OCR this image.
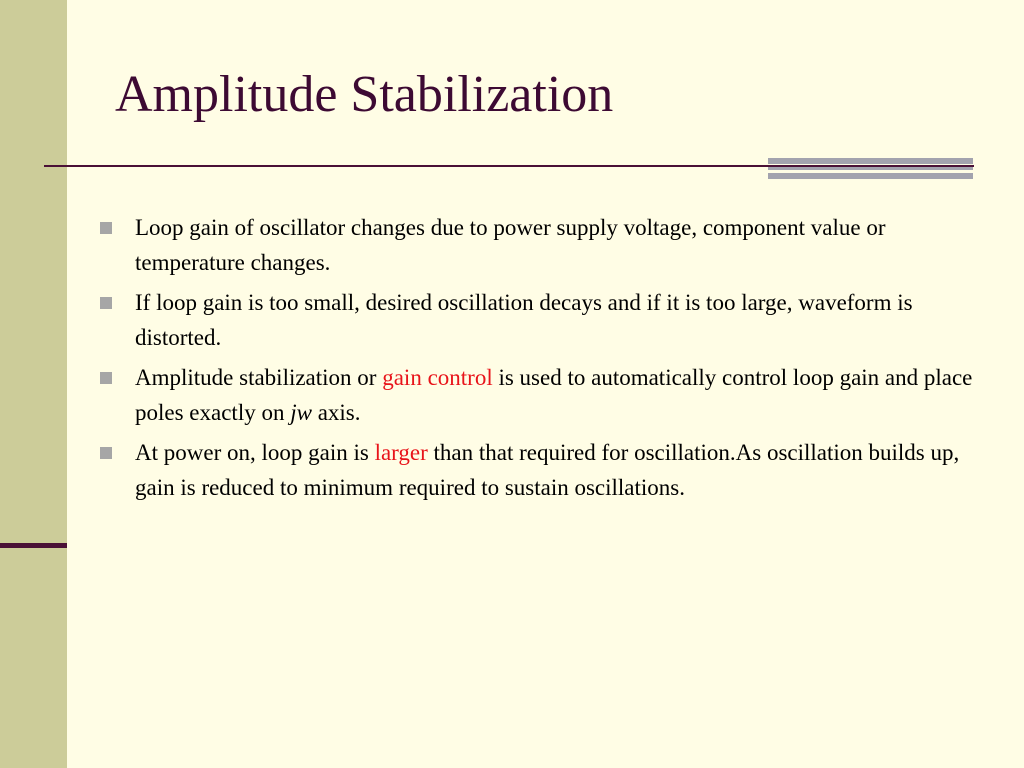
Amplitude Stabilization
Loop gain of oscillator changes due to power supply voltage, component value or temperature changes.
If loop gain is too small, desired oscillation decays and if it is too large, waveform is distorted.
Amplitude stabilization or gain control is used to automatically control loop gain and place poles exactly on jw axis.
At power on, loop gain is larger than that required for oscillation.As oscillation builds up, gain is reduced to minimum required to sustain oscillations.
